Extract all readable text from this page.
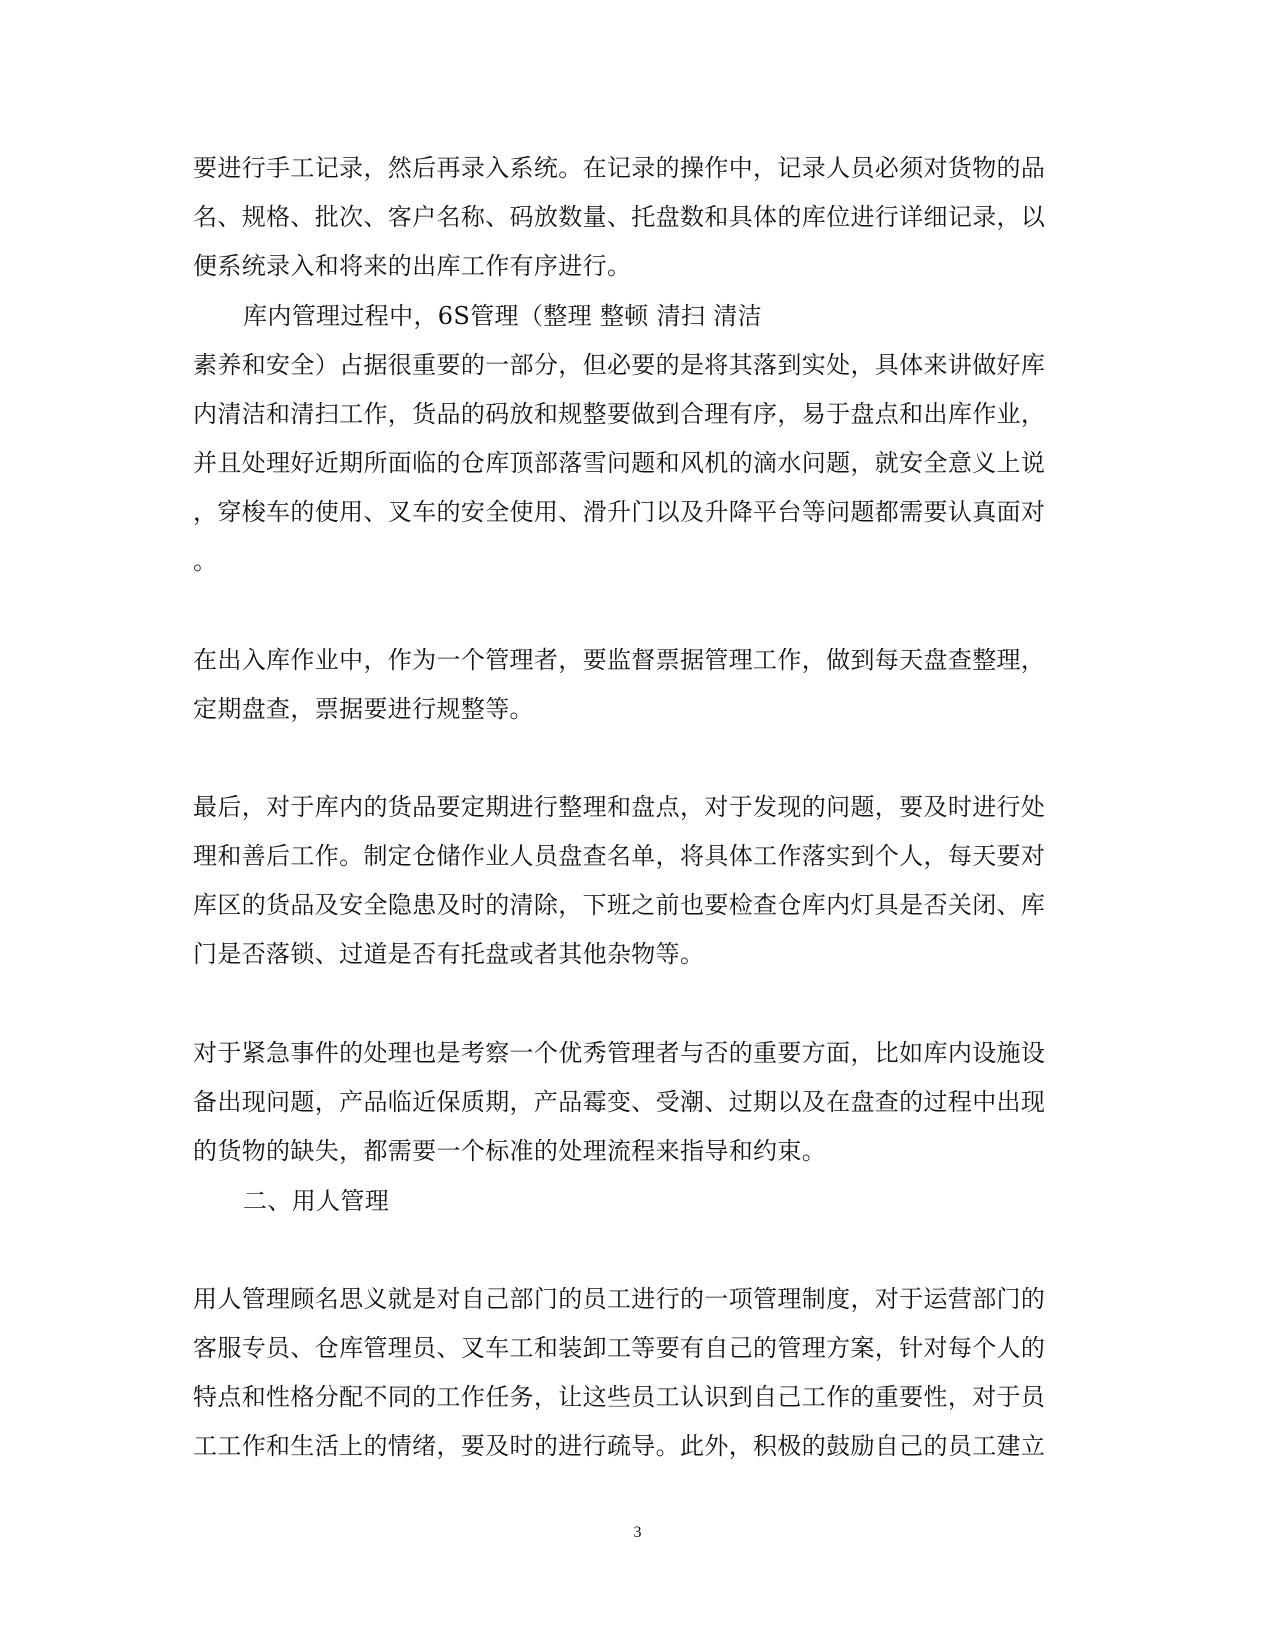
要进行手工记录，然后再录入系统。在记录的操作中，记录人员必须对货物的品
名、规格、批次、客户名称、码放数量、托盘数和具体的库位进行详细记录，以
便系统录入和将来的出库工作有序进行。
库内管理过程中，6S管理（整理 整顿 清扫 清洁
素养和安全）占据很重要的一部分，但必要的是将其落到实处，具体来讲做好库
内清洁和清扫工作，货品的码放和规整要做到合理有序，易于盘点和出库作业，
并且处理好近期所面临的仓库顶部落雪问题和风机的滴水问题，就安全意义上说
，穿梭车的使用、叉车的安全使用、滑升门以及升降平台等问题都需要认真面对
。
在出入库作业中，作为一个管理者，要监督票据管理工作，做到每天盘查整理，
定期盘查，票据要进行规整等。
最后，对于库内的货品要定期进行整理和盘点，对于发现的问题，要及时进行处
理和善后工作。制定仓储作业人员盘查名单，将具体工作落实到个人，每天要对
库区的货品及安全隐患及时的清除，下班之前也要检查仓库内灯具是否关闭、库
门是否落锁、过道是否有托盘或者其他杂物等。
对于紧急事件的处理也是考察一个优秀管理者与否的重要方面，比如库内设施设
备出现问题，产品临近保质期，产品霉变、受潮、过期以及在盘查的过程中出现
的货物的缺失，都需要一个标准的处理流程来指导和约束。
二、用人管理
用人管理顾名思义就是对自己部门的员工进行的一项管理制度，对于运营部门的
客服专员、仓库管理员、叉车工和装卸工等要有自己的管理方案，针对每个人的
特点和性格分配不同的工作任务，让这些员工认识到自己工作的重要性，对于员
工工作和生活上的情绪，要及时的进行疏导。此外，积极的鼓励自己的员工建立
3
